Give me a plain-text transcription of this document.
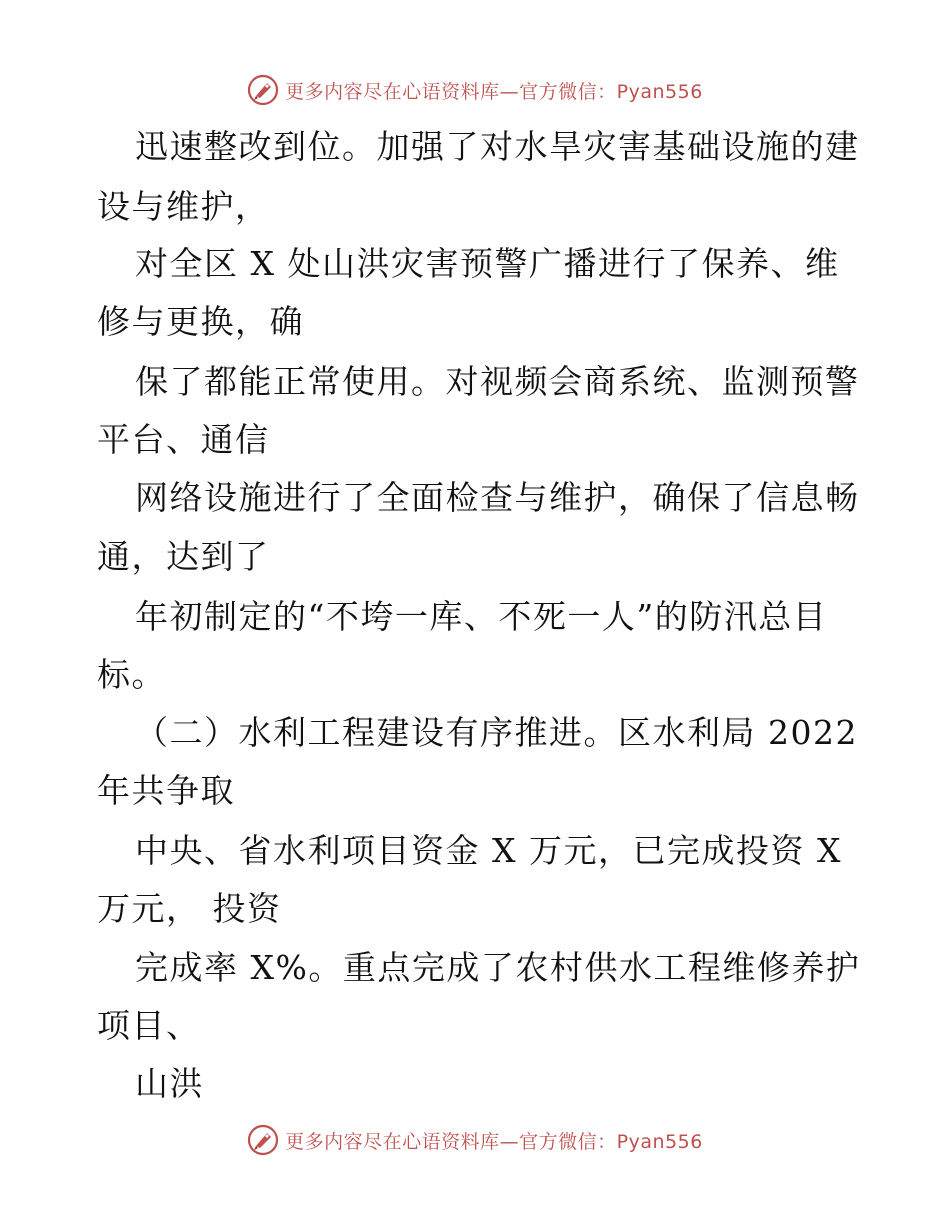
更多内容尽在心语资料库—官方微信：Pyan556
迅速整改到位。加强了对水旱灾害基础设施的建
设与维护，
对全区 X 处山洪灾害预警广播进行了保养、维
修与更换，确
保了都能正常使用。对视频会商系统、监测预警
平台、通信
网络设施进行了全面检查与维护，确保了信息畅
通，达到了
年初制定的“不垮一库、不死一人”的防汛总目
标。
（二）水利工程建设有序推进。区水利局 2022
年共争取
中央、省水利项目资金 X 万元，已完成投资 X
万元， 投资
完成率 X%。重点完成了农村供水工程维修养护
项目、
山洪
更多内容尽在心语资料库—官方微信：Pyan556
